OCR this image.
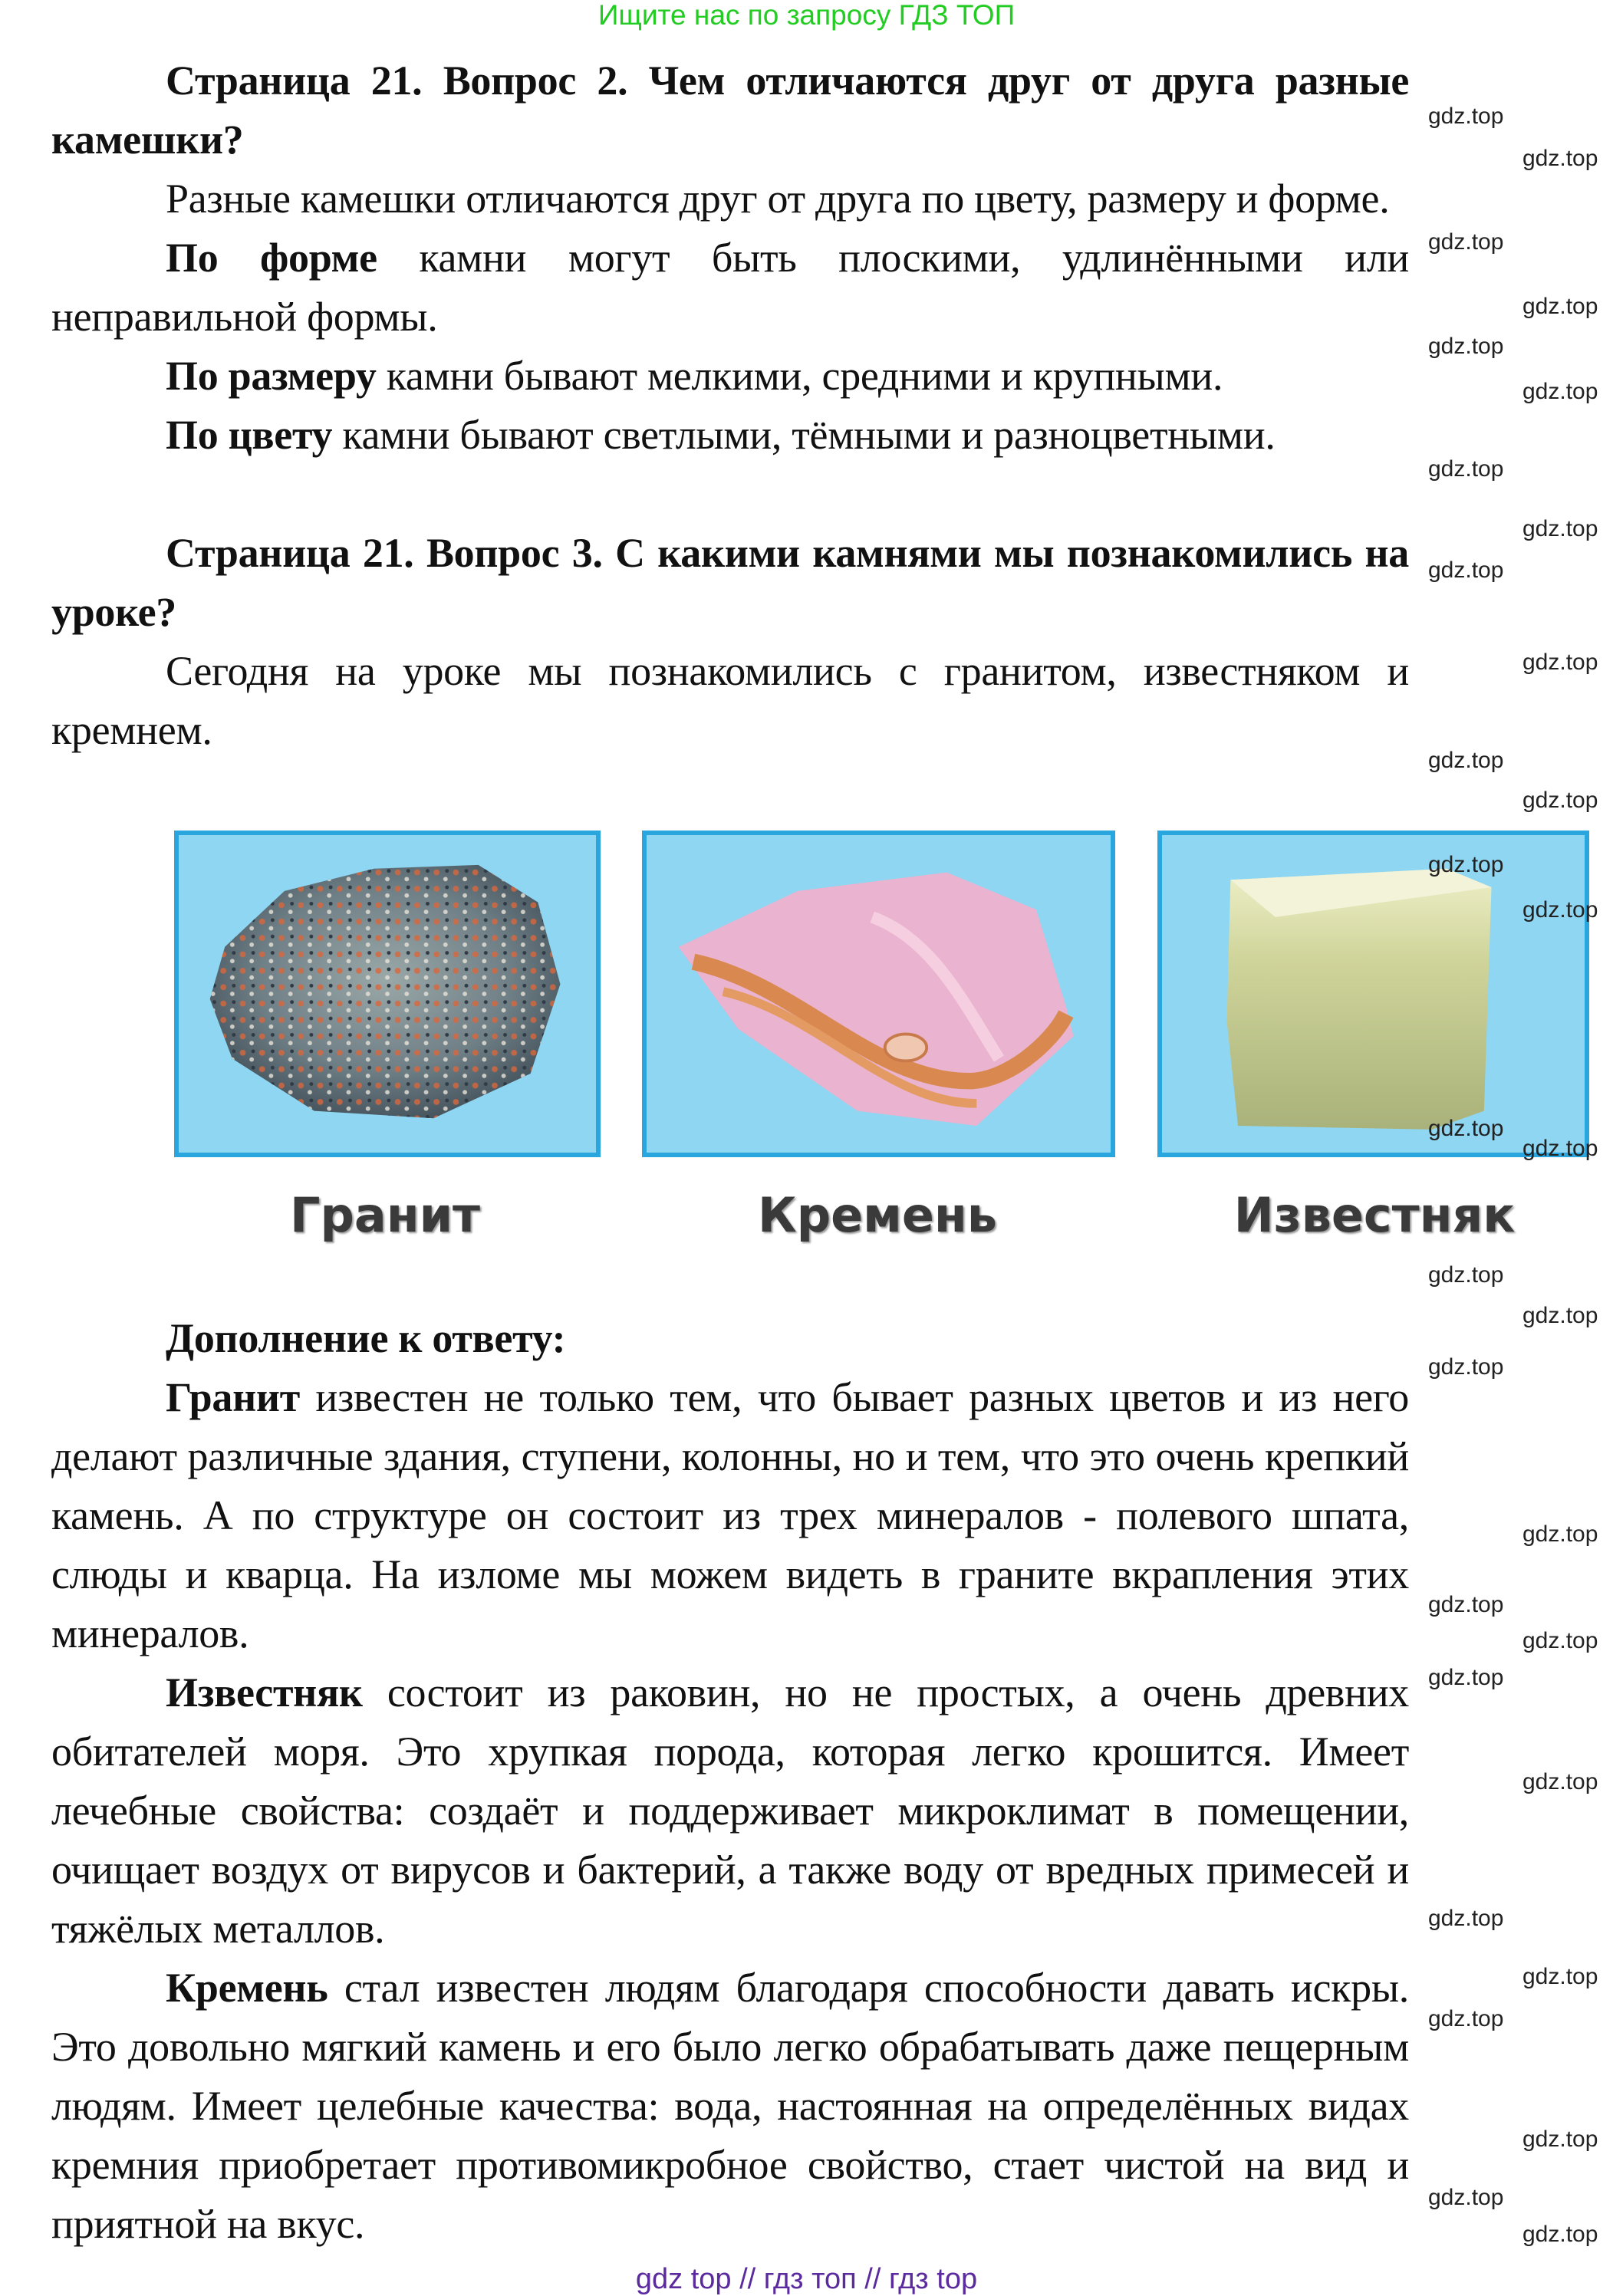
Ищите нас по запросу ГДЗ ТОП

Страница 21. Вопрос 2. Чем отличаются друг от друга разные камешки?

Разные камешки отличаются друг от друга по цвету, размеру и форме.

По форме камни могут быть плоскими, удлинёнными или неправильной формы.

По размеру камни бывают мелкими, средними и крупными.

По цвету камни бывают светлыми, тёмными и разноцветными.

Страница 21. Вопрос 3. С какими камнями мы познакомились на уроке?

Сегодня на уроке мы познакомились с гранитом, известняком и кремнем.

Гранит	Кремень	Известняк

Дополнение к ответу:

Гранит известен не только тем, что бывает разных цветов и из него делают различные здания, ступени, колонны, но и тем, что это очень крепкий камень. А по структуре он состоит из трех минералов - полевого шпата, слюды и кварца. На изломе мы можем видеть в граните вкрапления этих минералов.

Известняк состоит из раковин, но не простых, а очень древних обитателей моря. Это хрупкая порода, которая легко крошится. Имеет лечебные свойства: создаёт и поддерживает микроклимат в помещении, очищает воздух от вирусов и бактерий, а также воду от вредных примесей и тяжёлых металлов.

Кремень стал известен людям благодаря способности давать искры. Это довольно мягкий камень и его было легко обрабатывать даже пещерным людям. Имеет целебные качества: вода, настоянная на определённых видах кремния приобретает противомикробное свойство, стает чистой на вид и приятной на вкус.

gdz.top
gdz.top
gdz.top
gdz.top
gdz.top
gdz.top
gdz.top
gdz.top
gdz.top
gdz.top
gdz.top
gdz.top
gdz.top
gdz.top
gdz.top
gdz.top
gdz.top
gdz.top
gdz.top
gdz.top
gdz.top
gdz.top
gdz.top
gdz.top
gdz.top
gdz.top
gdz.top
gdz.top
gdz.top
gdz.top
gdz top // гдз топ // гдз top
